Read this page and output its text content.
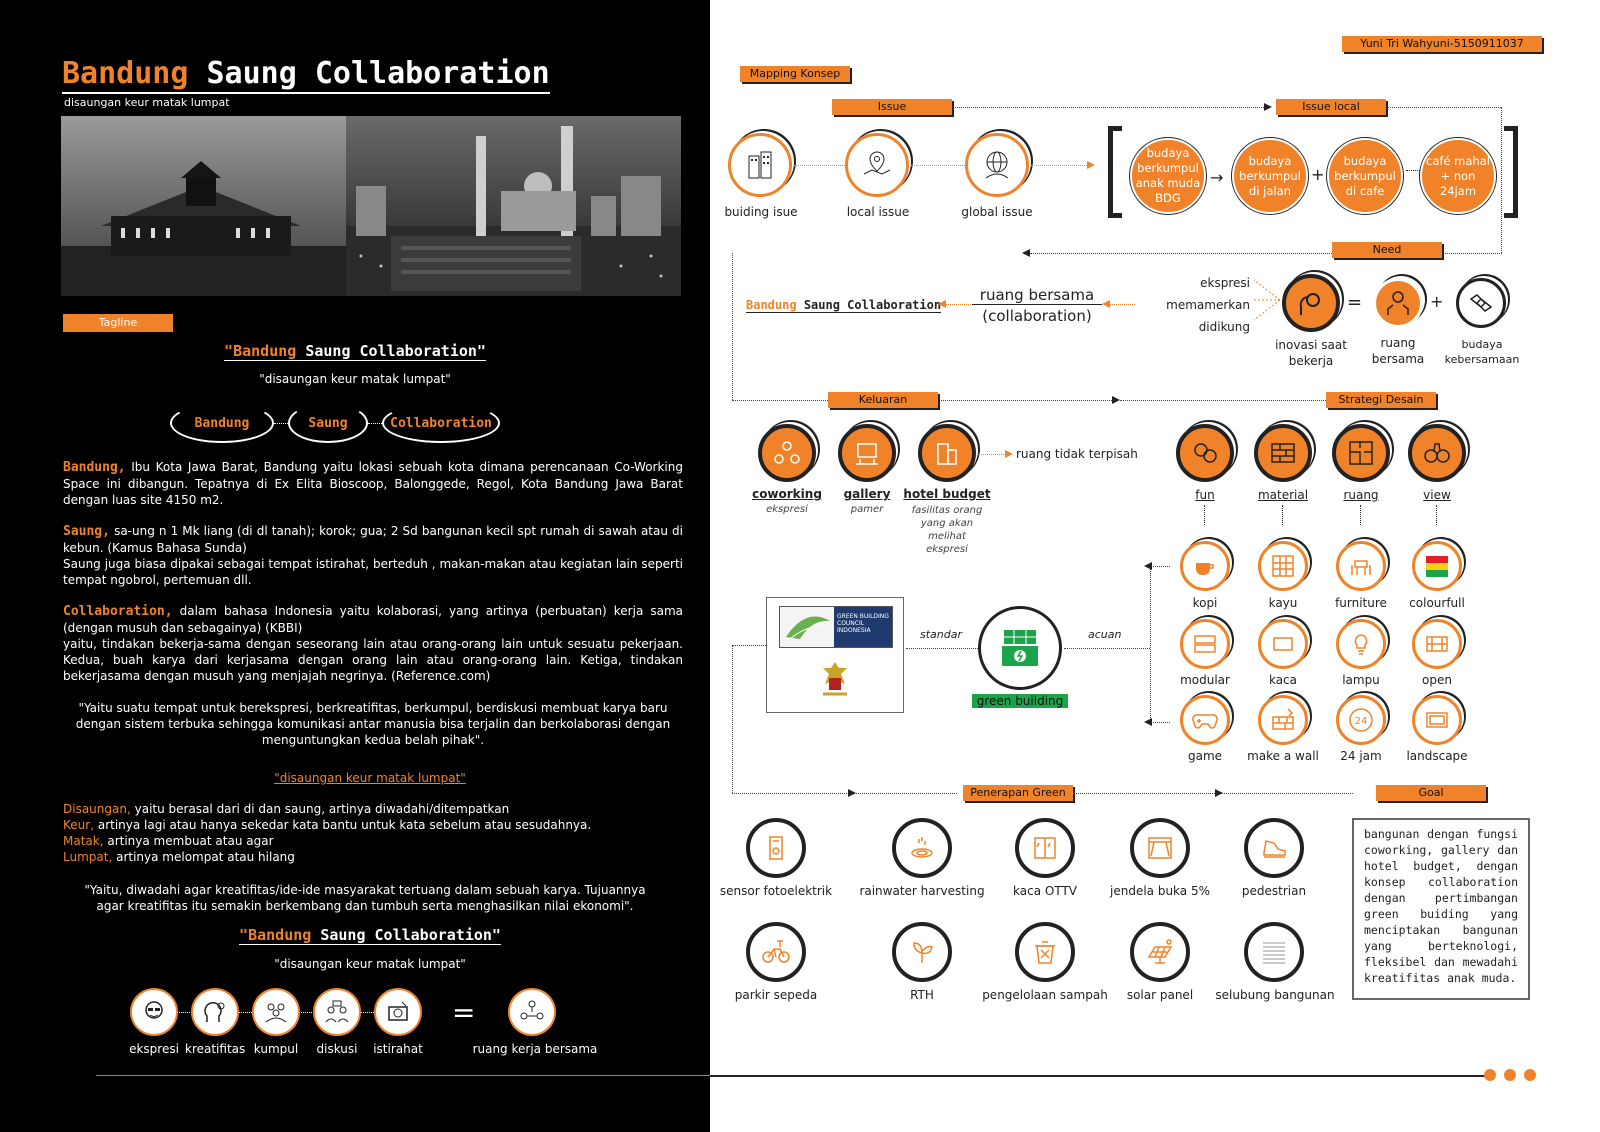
Bandung Saung Collaboration
disaungan keur matak lumpat
Tagline
"Bandung Saung Collaboration"
"disaungan keur matak lumpat"
Bandung	Saung	Collaboration
Bandung, Ibu Kota Jawa Barat, Bandung yaitu lokasi sebuah kota dimana perencanaan Co-Working Space ini dibangun. Tepatnya di Ex Elita Bioscoop, Balonggede, Regol, Kota Bandung Jawa Barat dengan luas site 4150 m2.
Saung, sa-ung n 1 Mk liang (di dl tanah); korok; gua; 2 Sd bangunan kecil spt rumah di sawah atau di kebun. (Kamus Bahasa Sunda)
Saung juga biasa dipakai sebagai tempat istirahat, berteduh , makan-makan atau kegiatan lain seperti tempat ngobrol, pertemuan dll.
Collaboration, dalam bahasa Indonesia yaitu kolaborasi, yang artinya (perbuatan) kerja sama (dengan musuh dan sebagainya) (KBBI)
yaitu, tindakan bekerja-sama dengan seseorang lain atau orang-orang lain untuk sesuatu pekerjaan. Kedua, buah karya dari kerjasama dengan orang lain atau orang-orang lain. Ketiga, tindakan bekerjasama dengan musuh yang menjajah negrinya. (Reference.com)
"Yaitu suatu tempat untuk berekspresi, berkreatifitas, berkumpul, berdiskusi membuat karya baru dengan sistem terbuka sehingga komunikasi antar manusia bisa terjalin dan berkolaborasi dengan menguntungkan kedua belah pihak".
"disaungan keur matak lumpat"
Disaungan, yaitu berasal dari di dan saung, artinya diwadahi/ditempatkan
Keur, artinya lagi atau hanya sekedar kata bantu untuk kata sebelum atau sesudahnya.
Matak, artinya membuat atau agar
Lumpat, artinya melompat atau hilang
"Yaitu, diwadahi agar kreatifitas/ide-ide masyarakat tertuang dalam sebuah karya. Tujuannya agar kreatifitas itu semakin berkembang dan tumbuh serta menghasilkan nilai ekonomi".
"Bandung Saung Collaboration"
"disaungan keur matak lumpat"
ekspresi kreatifitas kumpul	diskusi	istirahat
=
ruang kerja bersama
Yuni Tri Wahyuni-5150911037
Mapping Konsep
Issue	Issue local
buiding isue	local issue	global issue
budaya berkumpul anak muda BDG
→
budaya berkumpul di jalan
+
budaya berkumpul di cafe
café mahal + non 24jam
Need
Bandung Saung Collaboration
ruang bersama
(collaboration)
ekspresi
memamerkan
didikung
=	+
inovasi saat bekerja
ruang bersama
budaya kebersamaan
Keluaran	Strategi Desain
ruang tidak terpisah
coworking
ekspresi
gallery
pamer
hotel budget
fasilitas orang yang akan melihat ekspresi
fun	material	ruang	view
kopi	kayu	furniture	colourfull
modular	kaca	lampu	open
24
game	make a wall	24 jam	landscape
GREEN BUILDING COUNCIL INDONESIA	standar
green building
acuan
Penerapan Green	Goal
sensor fotoelektrik	rainwater harvesting	kaca OTTV	jendela buka 5%	pedestrian
parkir sepeda	RTH	pengelolaan sampah	solar panel	selubung bangunan
bangunan dengan fungsi coworking, gallery dan hotel budget, dengan konsep collaboration dengan pertimbangan green buiding yang menciptakan bangunan yang berteknologi, fleksibel dan mewadahi kreatifitas anak muda.
